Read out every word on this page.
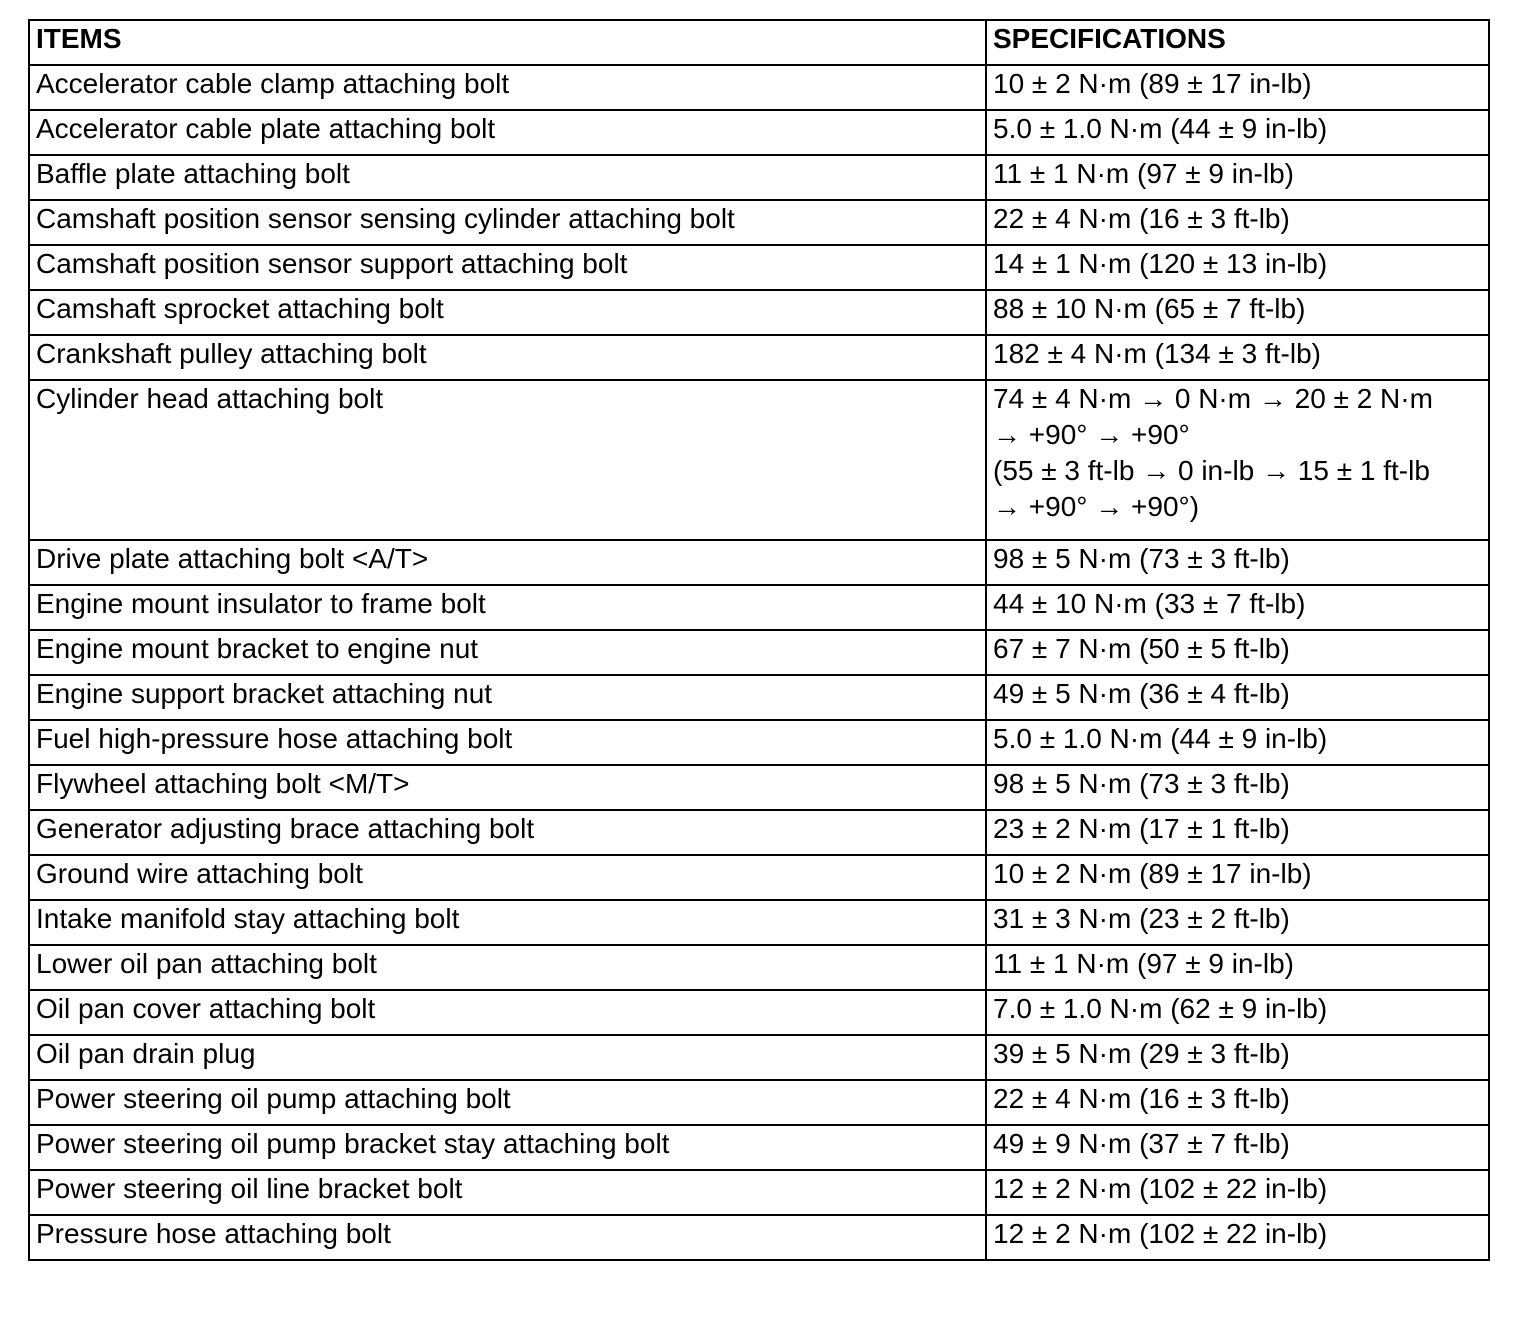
ITEMS	SPECIFICATIONS
Accelerator cable clamp attaching bolt	10 ± 2 N·m (89 ± 17 in-lb)
Accelerator cable plate attaching bolt	5.0 ± 1.0 N·m (44 ± 9 in-lb)
Baffle plate attaching bolt	11 ± 1 N·m (97 ± 9 in-lb)
Camshaft position sensor sensing cylinder attaching bolt	22 ± 4 N·m (16 ± 3 ft-lb)
Camshaft position sensor support attaching bolt	14 ± 1 N·m (120 ± 13 in-lb)
Camshaft sprocket attaching bolt	88 ± 10 N·m (65 ± 7 ft-lb)
Crankshaft pulley attaching bolt	182 ± 4 N·m (134 ± 3 ft-lb)
Cylinder head attaching bolt	74 ± 4 N·m → 0 N·m → 20 ± 2 N·m
→ +90° → +90°
(55 ± 3 ft-lb → 0 in-lb → 15 ± 1 ft-lb
→ +90° → +90°)

Drive plate attaching bolt <A/T>	98 ± 5 N·m (73 ± 3 ft-lb)
Engine mount insulator to frame bolt	44 ± 10 N·m (33 ± 7 ft-lb)
Engine mount bracket to engine nut	67 ± 7 N·m (50 ± 5 ft-lb)
Engine support bracket attaching nut	49 ± 5 N·m (36 ± 4 ft-lb)
Fuel high-pressure hose attaching bolt	5.0 ± 1.0 N·m (44 ± 9 in-lb)
Flywheel attaching bolt <M/T>	98 ± 5 N·m (73 ± 3 ft-lb)
Generator adjusting brace attaching bolt	23 ± 2 N·m (17 ± 1 ft-lb)
Ground wire attaching bolt	10 ± 2 N·m (89 ± 17 in-lb)
Intake manifold stay attaching bolt	31 ± 3 N·m (23 ± 2 ft-lb)
Lower oil pan attaching bolt	11 ± 1 N·m (97 ± 9 in-lb)
Oil pan cover attaching bolt	7.0 ± 1.0 N·m (62 ± 9 in-lb)
Oil pan drain plug	39 ± 5 N·m (29 ± 3 ft-lb)
Power steering oil pump attaching bolt	22 ± 4 N·m (16 ± 3 ft-lb)
Power steering oil pump bracket stay attaching bolt	49 ± 9 N·m (37 ± 7 ft-lb)
Power steering oil line bracket bolt	12 ± 2 N·m (102 ± 22 in-lb)
Pressure hose attaching bolt	12 ± 2 N·m (102 ± 22 in-lb)
